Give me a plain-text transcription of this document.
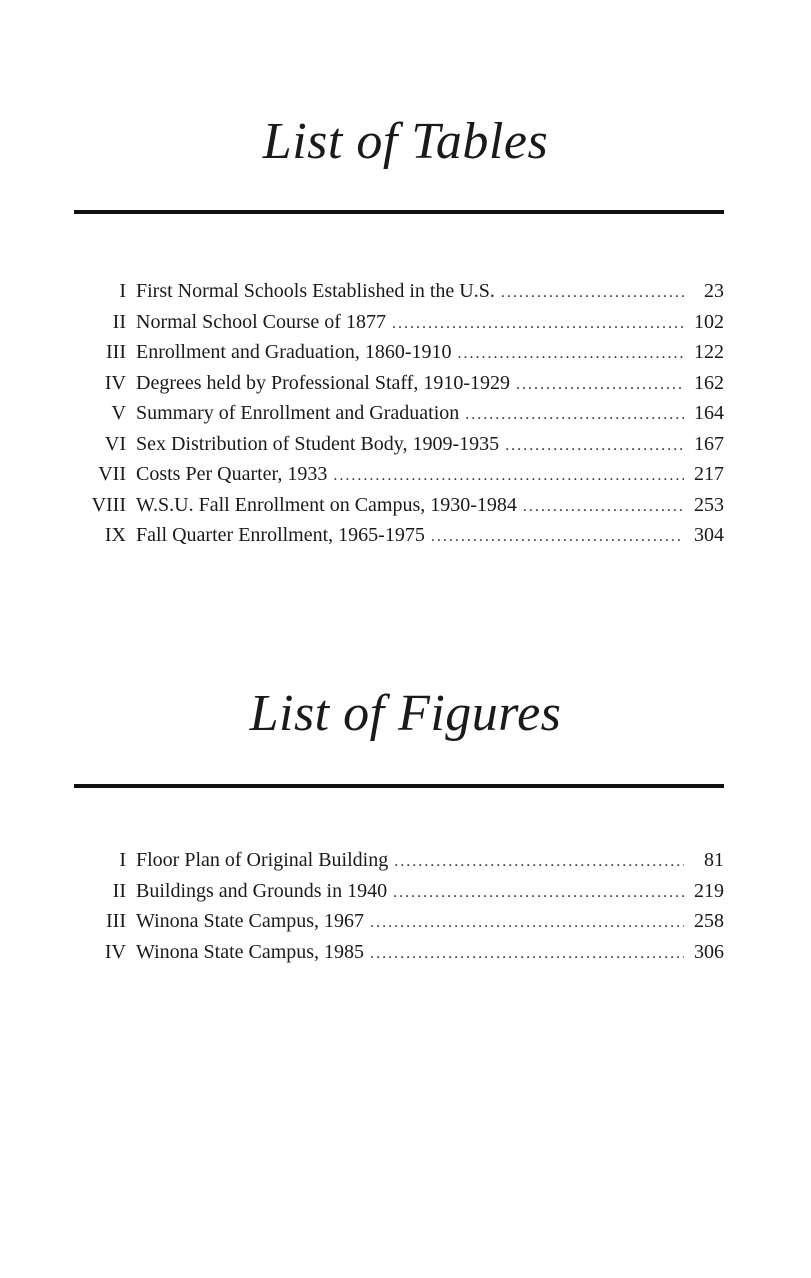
List of Tables
I First Normal Schools Established in the U.S. . . .	23
II Normal School Course of 1877 . . .	102
III Enrollment and Graduation, 1860-1910 . . .	122
IV Degrees held by Professional Staff, 1910-1929 . . .	162
V Summary of Enrollment and Graduation . . .	164
VI Sex Distribution of Student Body, 1909-1935 . . .	167
VII Costs Per Quarter, 1933 . . .	217
VIII W.S.U. Fall Enrollment on Campus, 1930-1984 . . .	253
IX Fall Quarter Enrollment, 1965-1975 . . .	304
List of Figures
I Floor Plan of Original Building . . .	81
II Buildings and Grounds in 1940 . . .	219
III Winona State Campus, 1967 . . .	258
IV Winona State Campus, 1985 . . .	306
